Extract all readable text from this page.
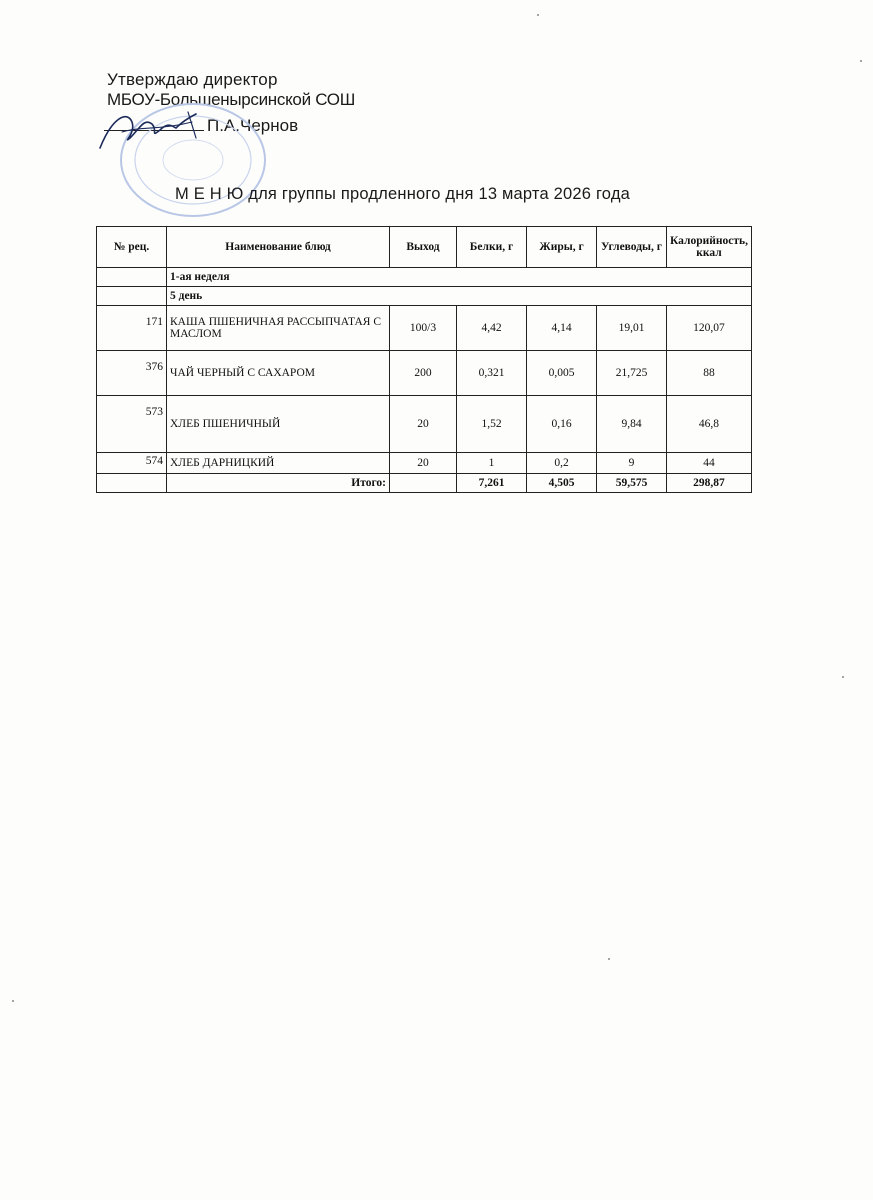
Утверждаю директор
МБОУ-Большенырсинской СОШ
П.А.Чернов
М Е Н Ю для группы продленного дня 13 марта 2026 года
№ рец.	Наименование блюд	Выход	Белки, г	Жиры, г	Углеводы, г	Калорийность, ккал
	1-ая неделя					
	5 день					
171	КАША ПШЕНИЧНАЯ РАССЫПЧАТАЯ С МАСЛОМ	100/3	4,42	4,14	19,01	120,07
376	ЧАЙ ЧЕРНЫЙ С САХАРОМ	200	0,321	0,005	21,725	88
573	ХЛЕБ ПШЕНИЧНЫЙ	20	1,52	0,16	9,84	46,8
574	ХЛЕБ ДАРНИЦКИЙ	20	1	0,2	9	44
	Итого:		7,261	4,505	59,575	298,87
